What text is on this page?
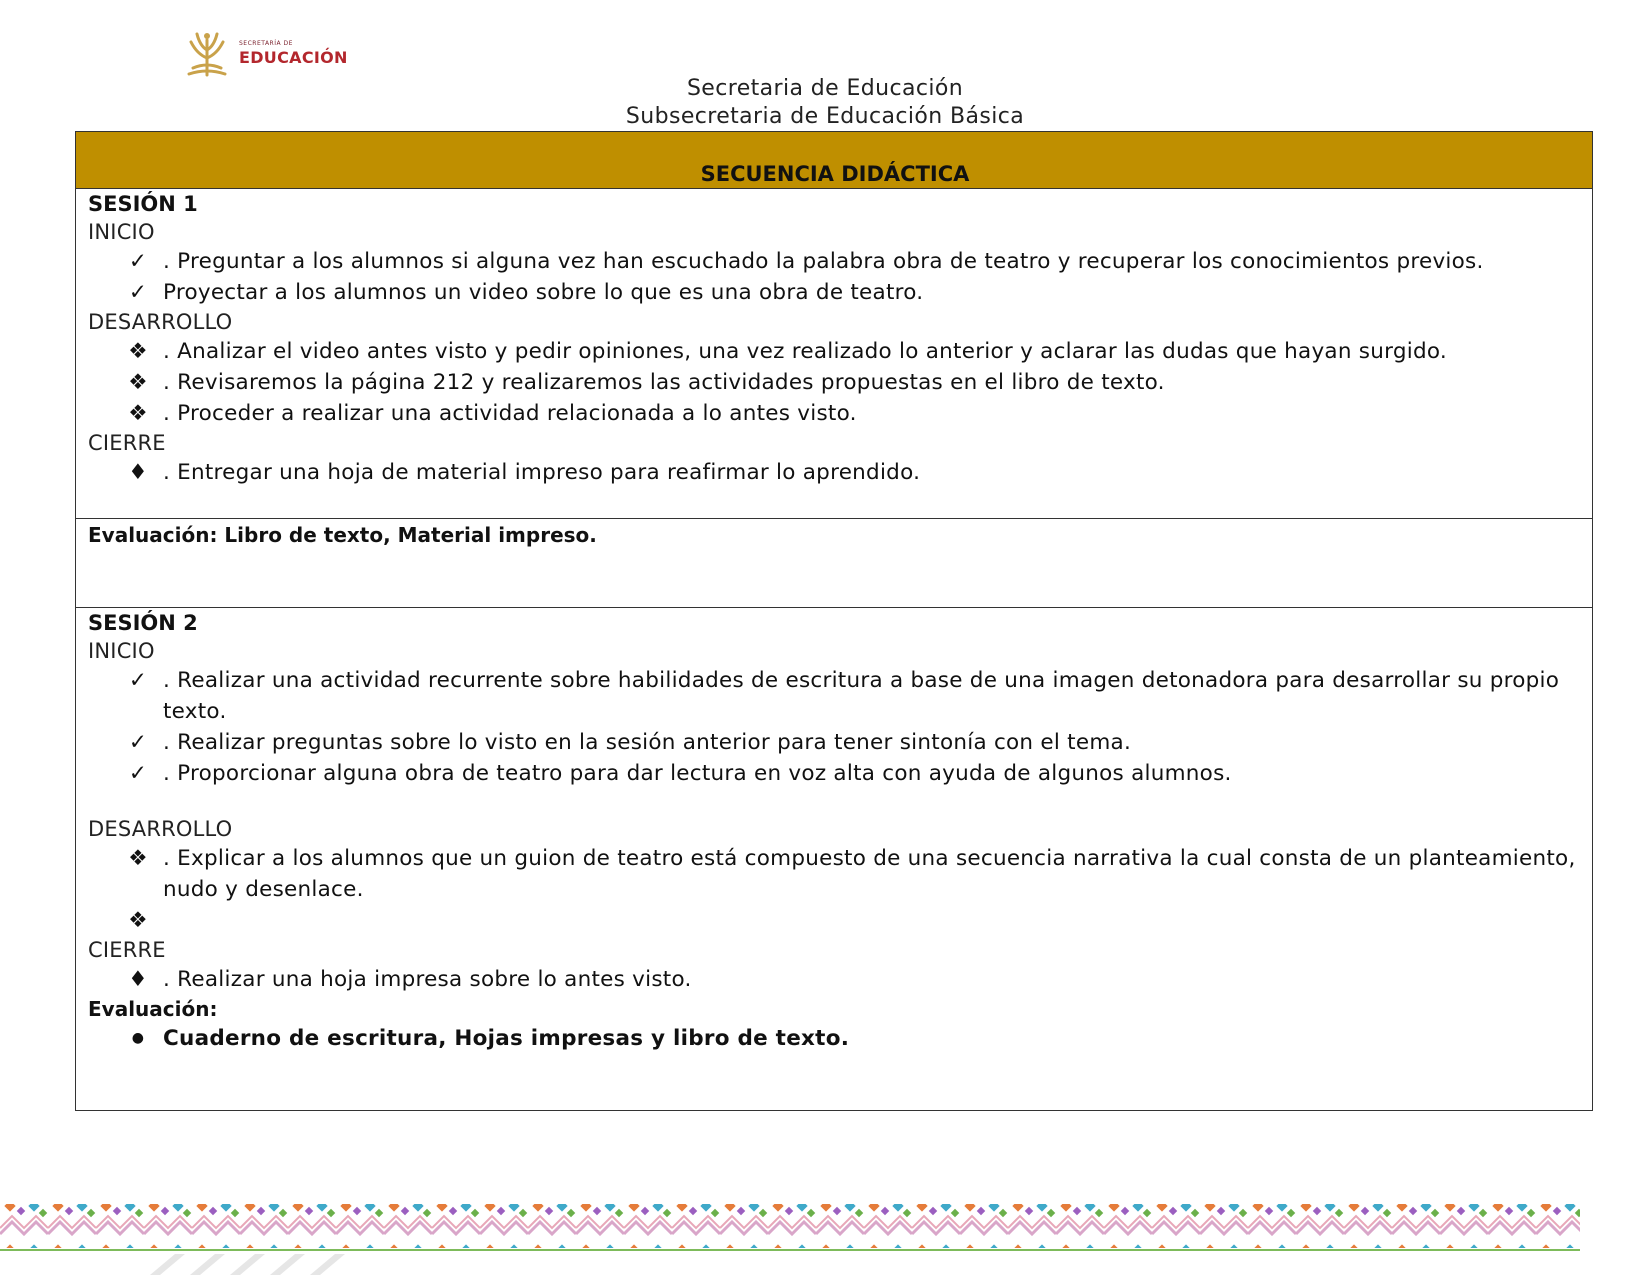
SECRETARÍA DE
EDUCACIÓN
Secretaria de Educación
Subsecretaria de Educación Básica
SECUENCIA DIDÁCTICA

SESIÓN 1
INICIO
✓ . Preguntar a los alumnos si alguna vez han escuchado la palabra obra de teatro y recuperar los conocimientos previos.
✓ Proyectar a los alumnos un video sobre lo que es una obra de teatro.
DESARROLLO
❖ . Analizar el video antes visto y pedir opiniones, una vez realizado lo anterior y aclarar las dudas que hayan surgido.
❖ . Revisaremos la página 212 y realizaremos las actividades propuestas en el libro de texto.
❖ . Proceder a realizar una actividad relacionada a lo antes visto.
CIERRE
♦ . Entregar una hoja de material impreso para reafirmar lo aprendido.

Evaluación: Libro de texto, Material impreso.

SESIÓN 2
INICIO
✓ . Realizar una actividad recurrente sobre habilidades de escritura a base de una imagen detonadora para desarrollar su propio texto.
✓ . Realizar preguntas sobre lo visto en la sesión anterior para tener sintonía con el tema.
✓ . Proporcionar alguna obra de teatro para dar lectura en voz alta con ayuda de algunos alumnos.
DESARROLLO
❖ . Explicar a los alumnos que un guion de teatro está compuesto de una secuencia narrativa la cual consta de un planteamiento, nudo y desenlace.
❖

CIERRE
♦ . Realizar una hoja impresa sobre lo antes visto.
Evaluación:
● Cuaderno de escritura, Hojas impresas y libro de texto.
